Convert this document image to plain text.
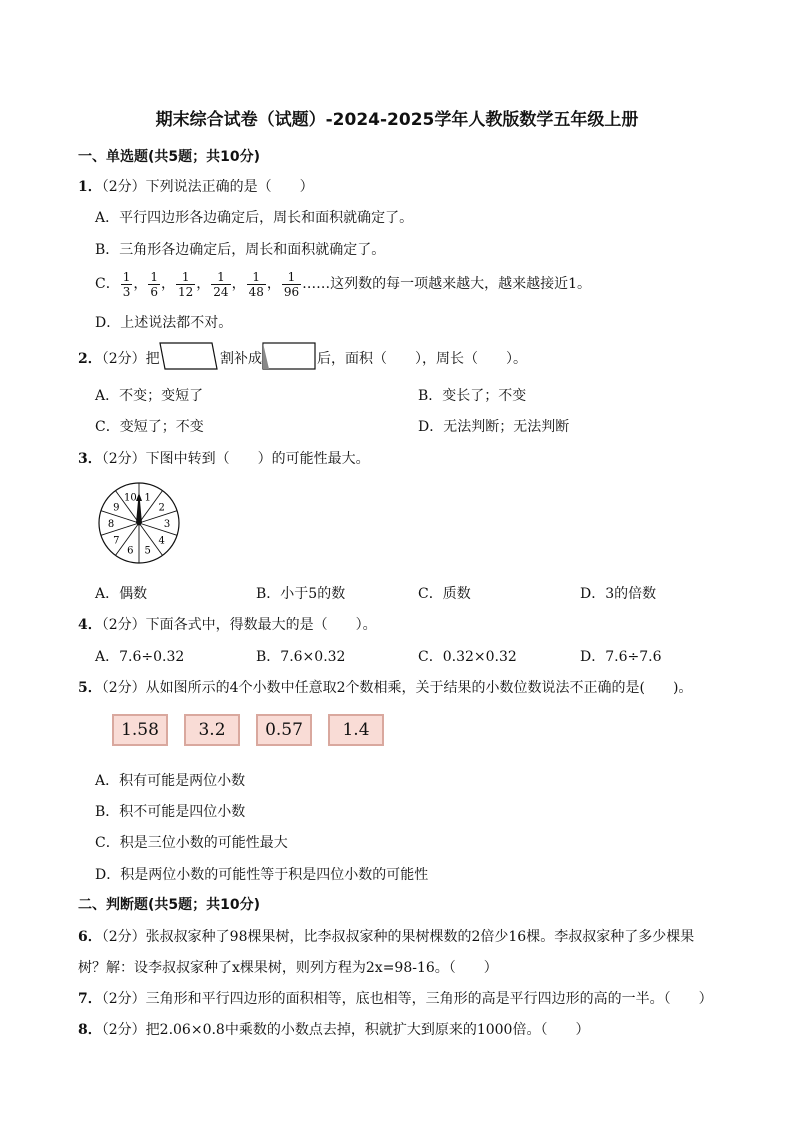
期末综合试卷（试题）-2024-2025学年人教版数学五年级上册
一、单选题(共5题；共10分)
1．（2分）下列说法正确的是（　　）
A．平行四边形各边确定后，周长和面积就确定了。
B．三角形各边确定后，周长和面积就确定了。
C． $\frac{1}{3}$ ， $\frac{1}{6}$ ， $\frac{1}{12}$ ， $\frac{1}{24}$ ， $\frac{1}{48}$ ， $\frac{1}{96}$ ……这列数的每一项越来越大，越来越接近1。
D．上述说法都不对。
2．（2分）把	割补成	后，面积（　　），周长（　　）。
A．不变；变短了	B．变长了；不变
C．变短了；不变	D．无法判断；无法判断
3．（2分）下图中转到（　　）的可能性最大。
1
2
3
4
5
6
7
8
9
10
A．偶数	B．小于5的数	C．质数	D．3的倍数
4．（2分）下面各式中，得数最大的是（　　）。
A．7.6÷0.32	B．7.6×0.32	C．0.32×0.32	D．7.6÷7.6
5．（2分）从如图所示的4个小数中任意取2个数相乘，关于结果的小数位数说法不正确的是(　　)。
1.58	3.2	0.57	1.4
A．积有可能是两位小数
B．积不可能是四位小数
C．积是三位小数的可能性最大
D．积是两位小数的可能性等于积是四位小数的可能性
二、判断题(共5题；共10分)
6．（2分）张叔叔家种了98棵果树，比李叔叔家种的果树棵数的2倍少16棵。李叔叔家种了多少棵果
树？解：设李叔叔家种了x棵果树，则列方程为2x=98-16。（　　）
7．（2分）三角形和平行四边形的面积相等，底也相等，三角形的高是平行四边形的高的一半。（　　）
8．（2分）把2.06×0.8中乘数的小数点去掉，积就扩大到原来的1000倍。（　　）
